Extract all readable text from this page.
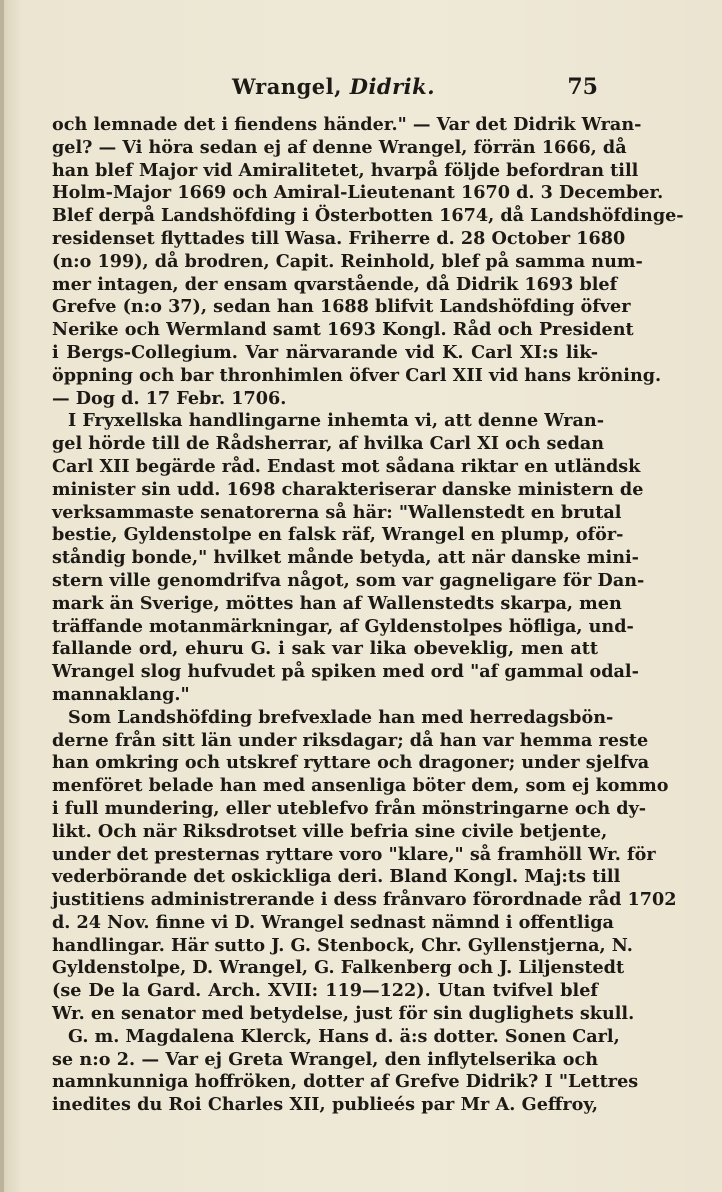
Wrangel, Didrik.	75
och lemnade det i fiendens händer." — Var det Didrik Wran-
gel? — Vi höra sedan ej af denne Wrangel, förrän 1666, då
han blef Major vid Amiralitetet, hvarpå följde befordran till
Holm-Major 1669 och Amiral-Lieutenant 1670 d. 3 December.
Blef derpå Landshöfding i Österbotten 1674, då Landshöfdinge-
residenset flyttades till Wasa. Friherre d. 28 October 1680
(n:o 199), då brodren, Capit. Reinhold, blef på samma num-
mer intagen, der ensam qvarstående, då Didrik 1693 blef
Grefve (n:o 37), sedan han 1688 blifvit Landshöfding öfver
Nerike och Wermland samt 1693 Kongl. Råd och President
i Bergs-Collegium. Var närvarande vid K. Carl XI:s lik-
öppning och bar thronhimlen öfver Carl XII vid hans kröning.
— Dog d. 17 Febr. 1706.
I Fryxellska handlingarne inhemta vi, att denne Wran-
gel hörde till de Rådsherrar, af hvilka Carl XI och sedan
Carl XII begärde råd. Endast mot sådana riktar en utländsk
minister sin udd. 1698 charakteriserar danske ministern de
verksammaste senatorerna så här: "Wallenstedt en brutal
bestie, Gyldenstolpe en falsk räf, Wrangel en plump, oför-
ståndig bonde," hvilket månde betyda, att när danske mini-
stern ville genomdrifva något, som var gagneligare för Dan-
mark än Sverige, möttes han af Wallenstedts skarpa, men
träffande motanmärkningar, af Gyldenstolpes höfliga, und-
fallande ord, ehuru G. i sak var lika obeveklig, men att
Wrangel slog hufvudet på spiken med ord "af gammal odal-
mannaklang."
Som Landshöfding brefvexlade han med herredagsbön-
derne från sitt län under riksdagar; då han var hemma reste
han omkring och utskref ryttare och dragoner; under sjelfva
menföret belade han med ansenliga böter dem, som ej kommo
i full mundering, eller uteblefvo från mönstringarne och dy-
likt. Och när Riksdrotset ville befria sine civile betjente,
under det presternas ryttare voro "klare," så framhöll Wr. för
vederbörande det oskickliga deri. Bland Kongl. Maj:ts till
justitiens administrerande i dess frånvaro förordnade råd 1702
d. 24 Nov. finne vi D. Wrangel sednast nämnd i offentliga
handlingar. Här sutto J. G. Stenbock, Chr. Gyllenstjerna, N.
Gyldenstolpe, D. Wrangel, G. Falkenberg och J. Liljenstedt
(se De la Gard. Arch. XVII: 119—122). Utan tvifvel blef
Wr. en senator med betydelse, just för sin duglighets skull.
G. m. Magdalena Klerck, Hans d. ä:s dotter. Sonen Carl,
se n:o 2. — Var ej Greta Wrangel, den inflytelserika och
namnkunniga hoffröken, dotter af Grefve Didrik? I "Lettres
inedites du Roi Charles XII, publieés par Mr A. Geffroy,
